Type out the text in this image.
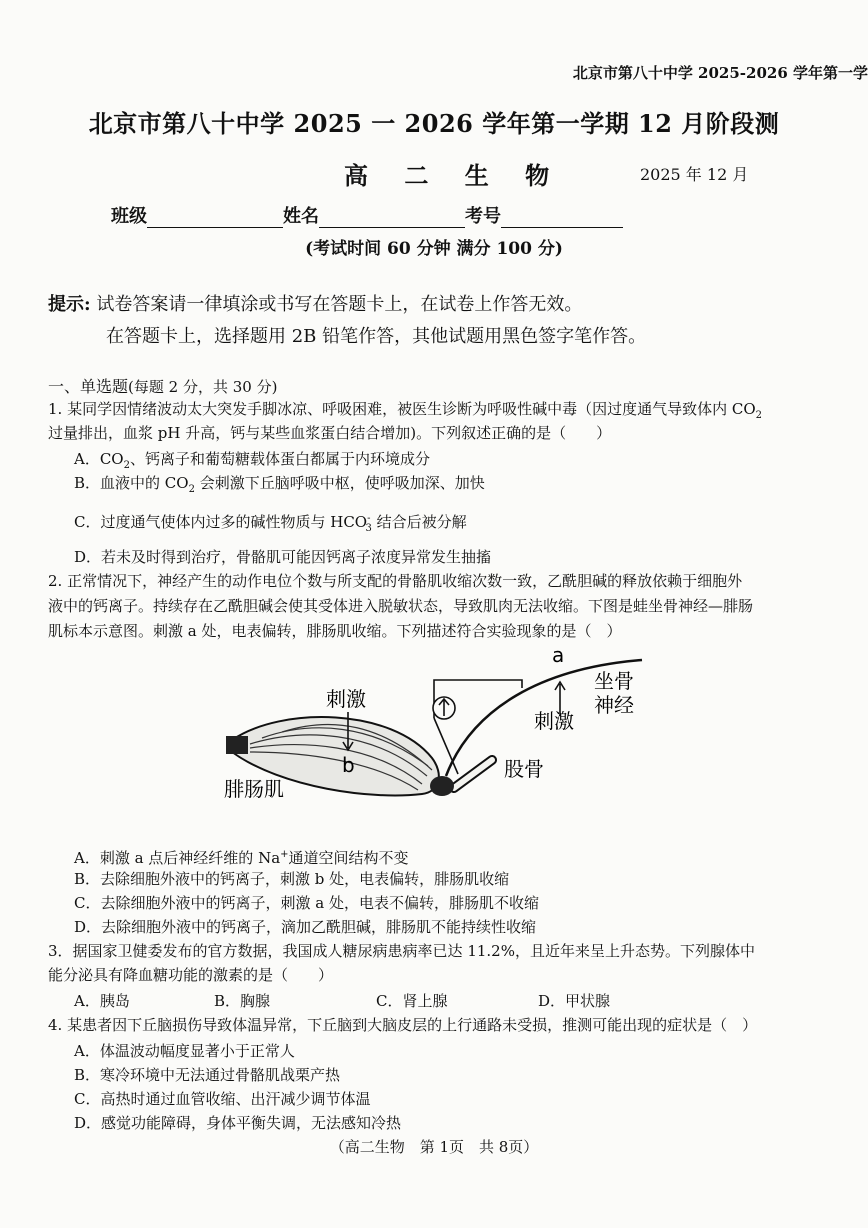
北京市第八十中学 2025-2026 学年第一学
北京市第八十中学 2025 一 2026 学年第一学期 12 月阶段测
高 二 生 物	2025 年 12 月
班级	姓名	考号
(考试时间 60 分钟 满分 100 分)
提示: 试卷答案请一律填涂或书写在答题卡上，在试卷上作答无效。
在答题卡上，选择题用 2B 铅笔作答，其他试题用黑色签字笔作答。
一、单选题(每题 2 分，共 30 分)
1. 某同学因情绪波动太大突发手脚冰凉、呼吸困难，被医生诊断为呼吸性碱中毒（因过度通气导致体内 $CO_2$
过量排出，血浆 pH 升高，钙与某些血浆蛋白结合增加)。下列叙述正确的是（　　）
A．$CO_2$、钙离子和葡萄糖载体蛋白都属于内环境成分
B．血液中的 $CO_2$ 会刺激下丘脑呼吸中枢，使呼吸加深、加快
C．过度通气使体内过多的碱性物质与 $HCO^-_3$ 结合后被分解
D．若未及时得到治疗，骨骼肌可能因钙离子浓度异常发生抽搐
2. 正常情况下，神经产生的动作电位个数与所支配的骨骼肌收缩次数一致，乙酰胆碱的释放依赖于细胞外
液中的钙离子。持续存在乙酰胆碱会使其受体进入脱敏状态，导致肌肉无法收缩。下图是蛙坐骨神经—腓肠
肌标本示意图。刺激 a 处，电表偏转，腓肠肌收缩。下列描述符合实验现象的是（　）
a
b
刺激
刺激
坐骨
神经
股骨
腓肠肌
A．刺激 a 点后神经纤维的 Na+通道空间结构不变
B．去除细胞外液中的钙离子，刺激 b 处，电表偏转，腓肠肌收缩
C．去除细胞外液中的钙离子，刺激 a 处，电表不偏转，腓肠肌不收缩
D．去除细胞外液中的钙离子，滴加乙酰胆碱，腓肠肌不能持续性收缩
3．据国家卫健委发布的官方数据，我国成人糖尿病患病率已达 11.2%，且近年来呈上升态势。下列腺体中
能分泌具有降血糖功能的激素的是（　　）
A．胰岛	B．胸腺	C．肾上腺	D．甲状腺
4. 某患者因下丘脑损伤导致体温异常，下丘脑到大脑皮层的上行通路未受损，推测可能出现的症状是（　）
A．体温波动幅度显著小于正常人
B．寒冷环境中无法通过骨骼肌战栗产热
C．高热时通过血管收缩、出汗减少调节体温
D．感觉功能障碍，身体平衡失调，无法感知冷热
（高二生物　第 1页　共 8页）
